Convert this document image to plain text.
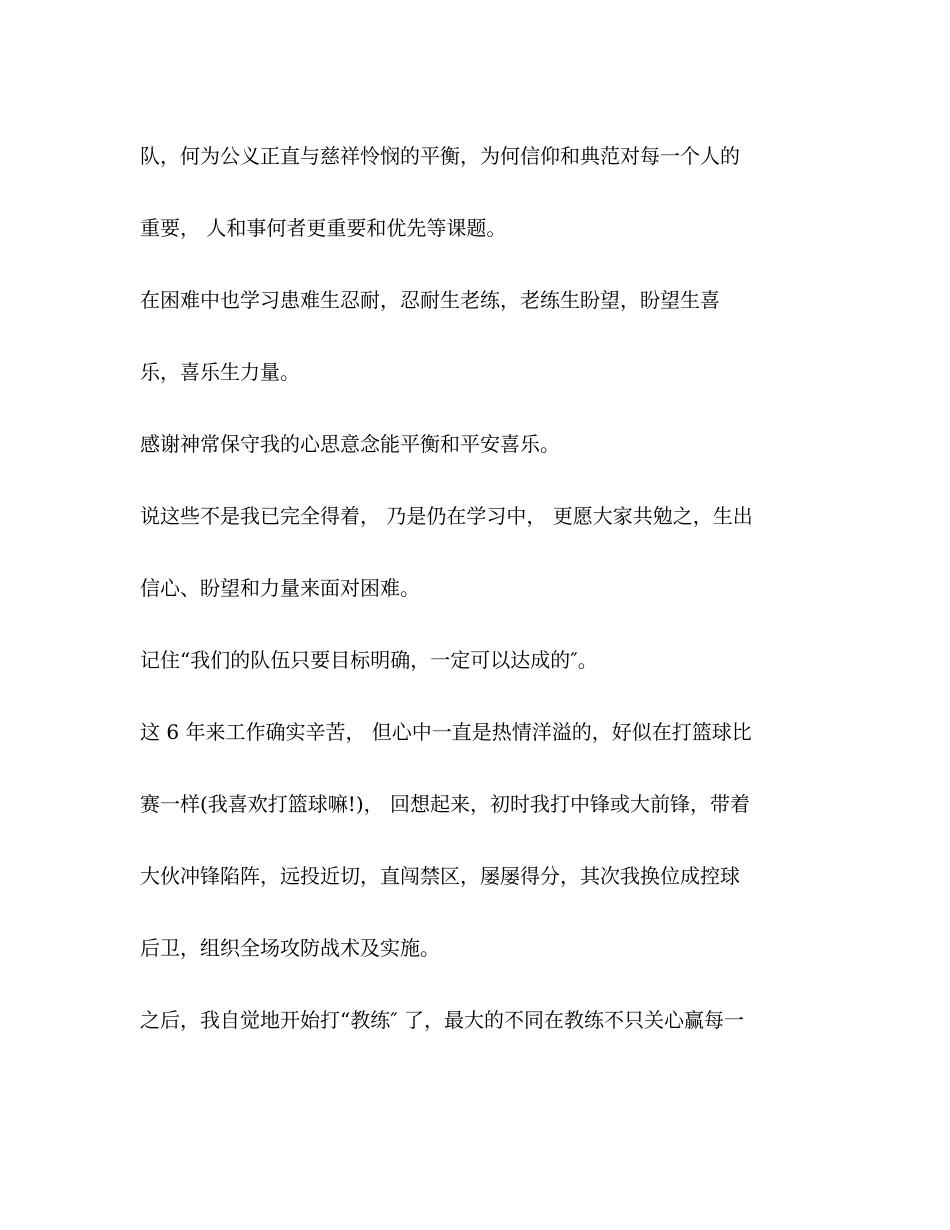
队，何为公义正直与慈祥怜悯的平衡，为何信仰和典范对每一个人的
重要， 人和事何者更重要和优先等课题。
在困难中也学习患难生忍耐，忍耐生老练，老练生盼望，盼望生喜
乐，喜乐生力量。
感谢神常保守我的心思意念能平衡和平安喜乐。
说这些不是我已完全得着， 乃是仍在学习中， 更愿大家共勉之，生出
信心、盼望和力量来面对困难。
记住“我们的队伍只要目标明确，一定可以达成的″。
这 6 年来工作确实辛苦， 但心中一直是热情洋溢的，好似在打篮球比
赛一样(我喜欢打篮球嘛!)， 回想起来，初时我打中锋或大前锋，带着
大伙冲锋陷阵，远投近切，直闯禁区，屡屡得分，其次我换位成控球
后卫，组织全场攻防战术及实施。
之后，我自觉地开始打“教练″ 了，最大的不同在教练不只关心赢每一
